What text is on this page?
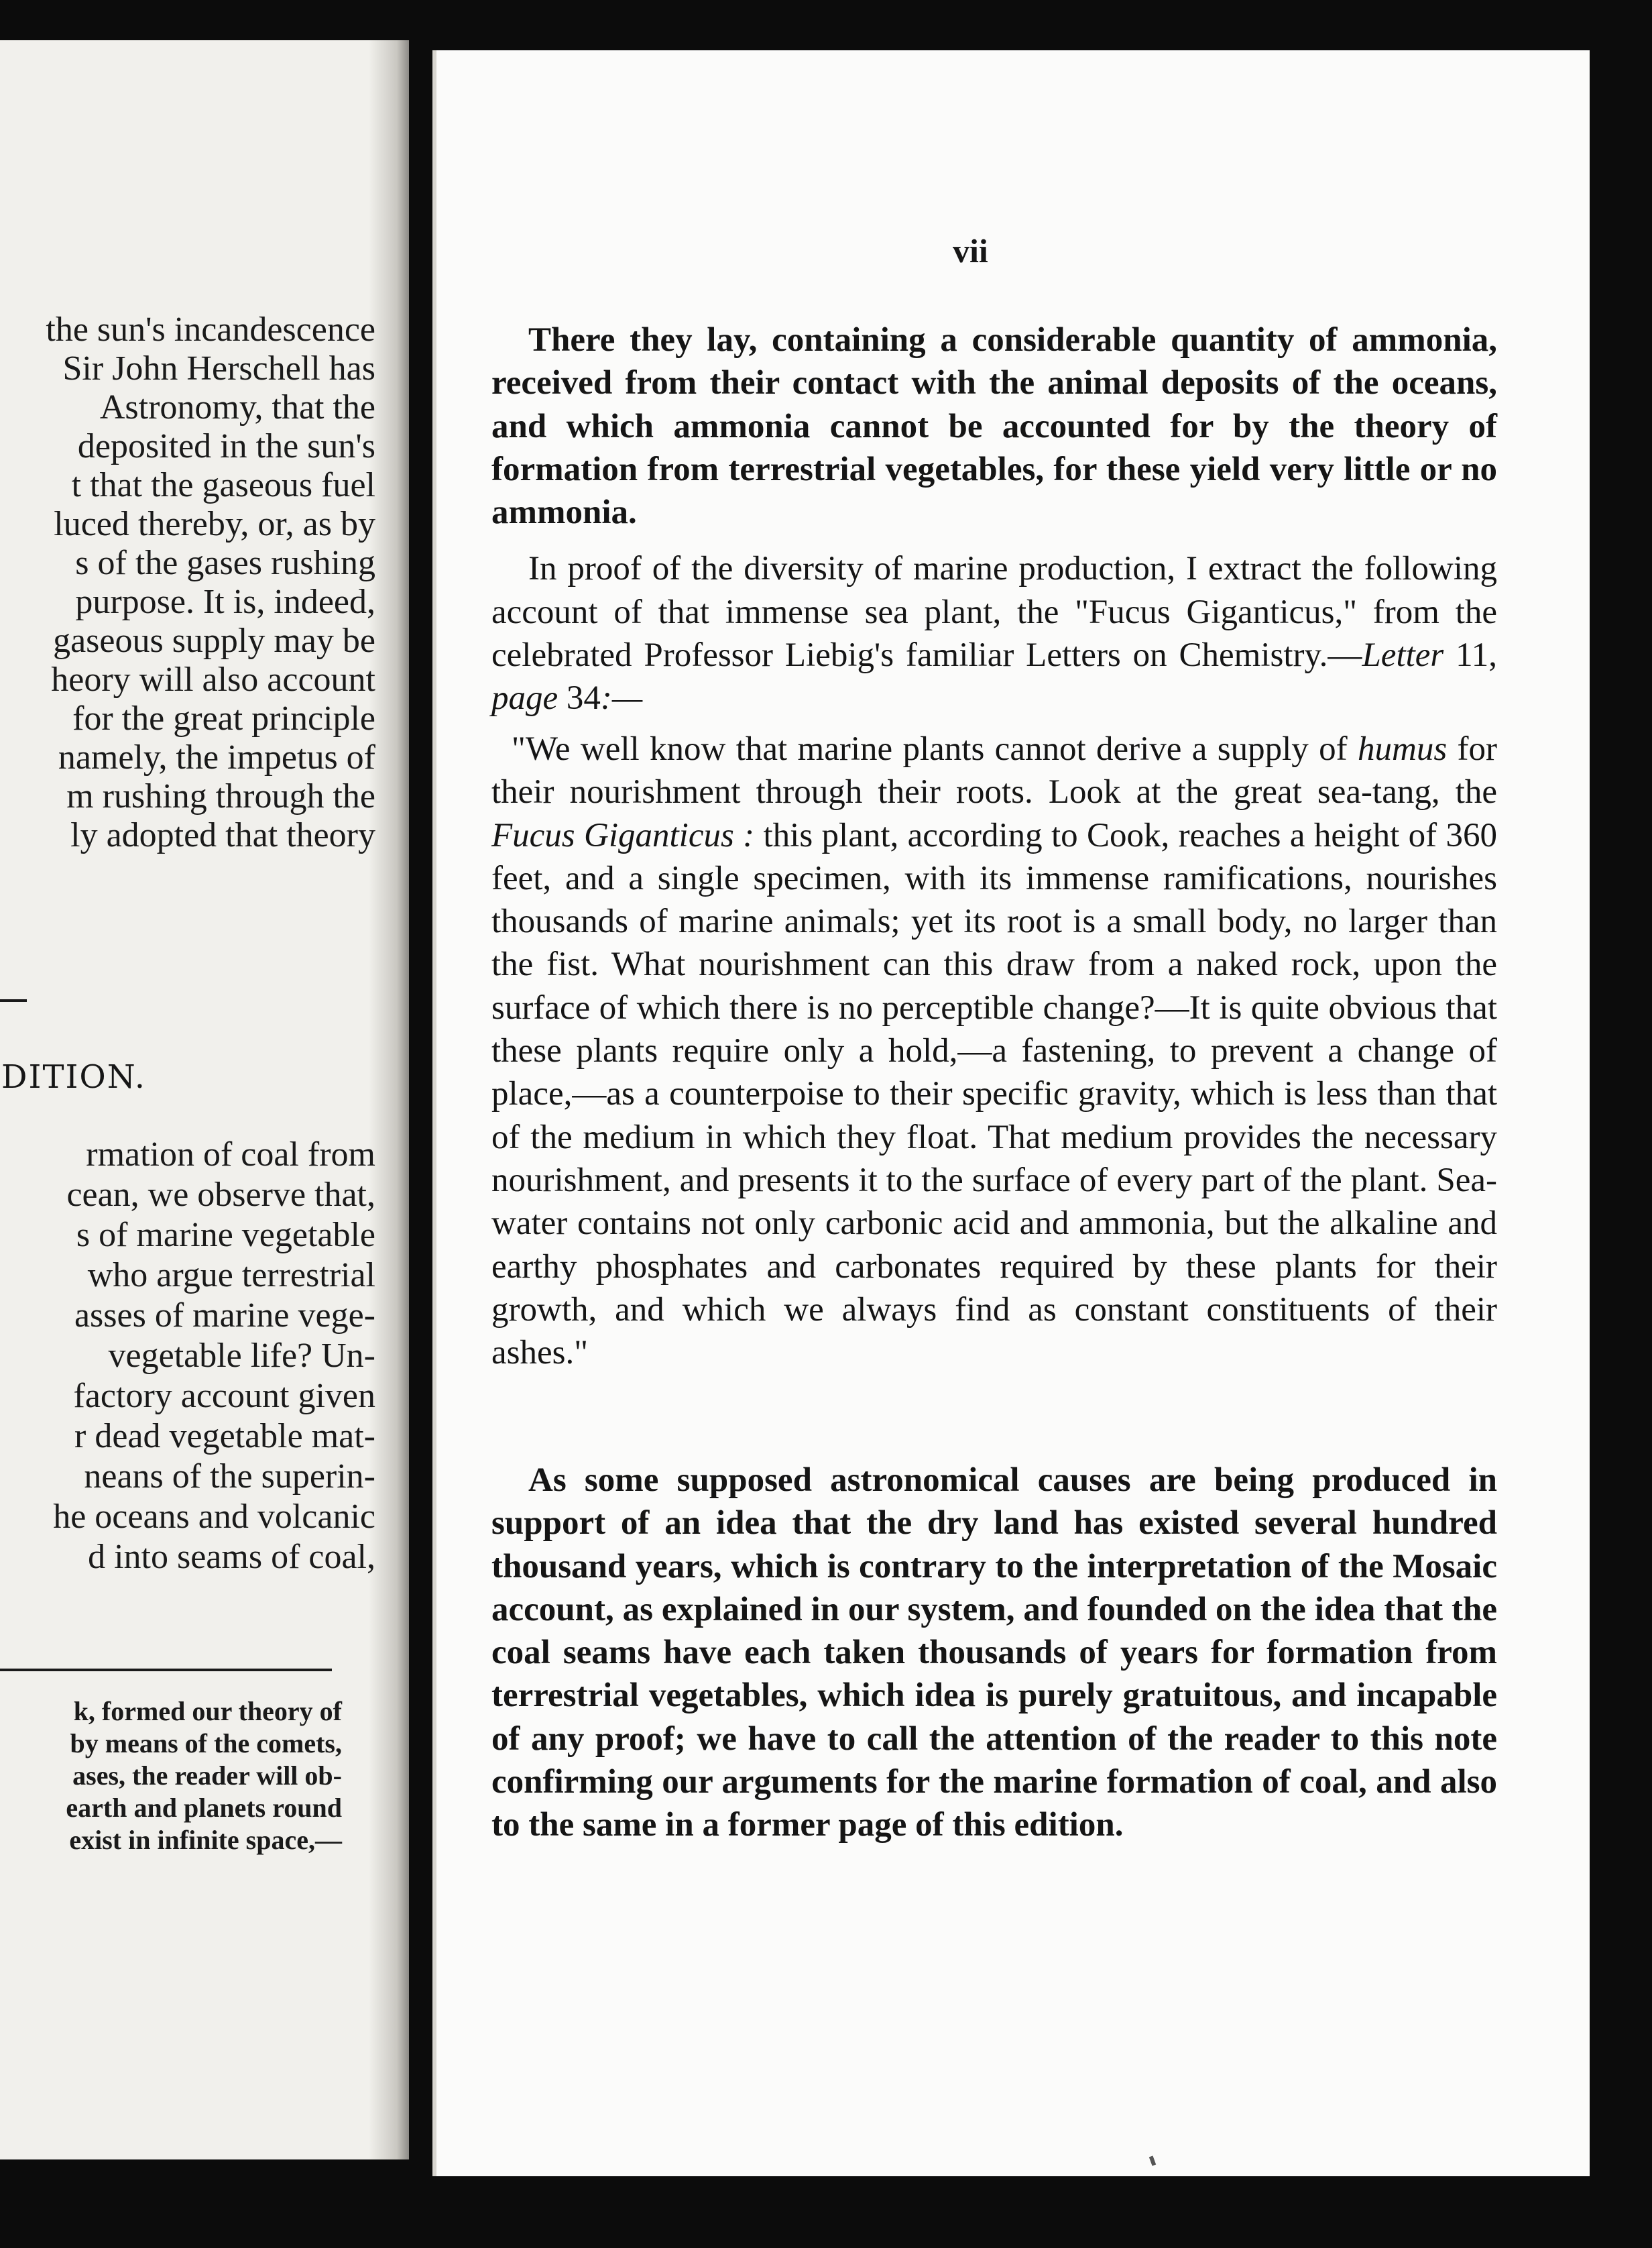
the sun's incandescence
Sir John Herschell has
Astronomy, that the
deposited in the sun's
t that the gaseous fuel
luced thereby, or, as by
s of the gases rushing
purpose. It is, indeed,
gaseous supply may be
heory will also account
for the great principle
namely, the impetus of
m rushing through the
ly adopted that theory
DITION.
rmation of coal from
cean, we observe that,
s of marine vegetable
who argue terrestrial
asses of marine vege-
vegetable life? Un-
factory account given
r dead vegetable mat-
neans of the superin-
he oceans and volcanic
d into seams of coal,
k, formed our theory of
by means of the comets,
ases, the reader will ob-
earth and planets round
exist in infinite space,—
vii

There they lay, containing a considerable quantity of ammonia, received from their contact with the animal deposits of the oceans, and which ammonia cannot be accounted for by the theory of formation from terrestrial vegetables, for these yield very little or no ammonia.

In proof of the diversity of marine production, I extract the following account of that immense sea plant, the "Fucus Giganticus," from the celebrated Professor Liebig's familiar Letters on Chemistry.—Letter 11, page 34:—

"We well know that marine plants cannot derive a supply of humus for their nourishment through their roots. Look at the great sea-tang, the Fucus Giganticus : this plant, according to Cook, reaches a height of 360 feet, and a single specimen, with its immense ramifications, nourishes thousands of marine animals; yet its root is a small body, no larger than the fist. What nourishment can this draw from a naked rock, upon the surface of which there is no perceptible change?—It is quite obvious that these plants require only a hold,—a fastening, to prevent a change of place,—as a counterpoise to their specific gravity, which is less than that of the medium in which they float. That medium provides the necessary nourishment, and presents it to the surface of every part of the plant. Sea-water contains not only carbonic acid and ammonia, but the alkaline and earthy phosphates and carbonates required by these plants for their growth, and which we always find as constant constituents of their ashes."

As some supposed astronomical causes are being produced in support of an idea that the dry land has existed several hundred thousand years, which is contrary to the interpretation of the Mosaic account, as explained in our system, and founded on the idea that the coal seams have each taken thousands of years for formation from terrestrial vegetables, which idea is purely gratuitous, and incapable of any proof; we have to call the attention of the reader to this note confirming our arguments for the marine formation of coal, and also to the same in a former page of this edition.
